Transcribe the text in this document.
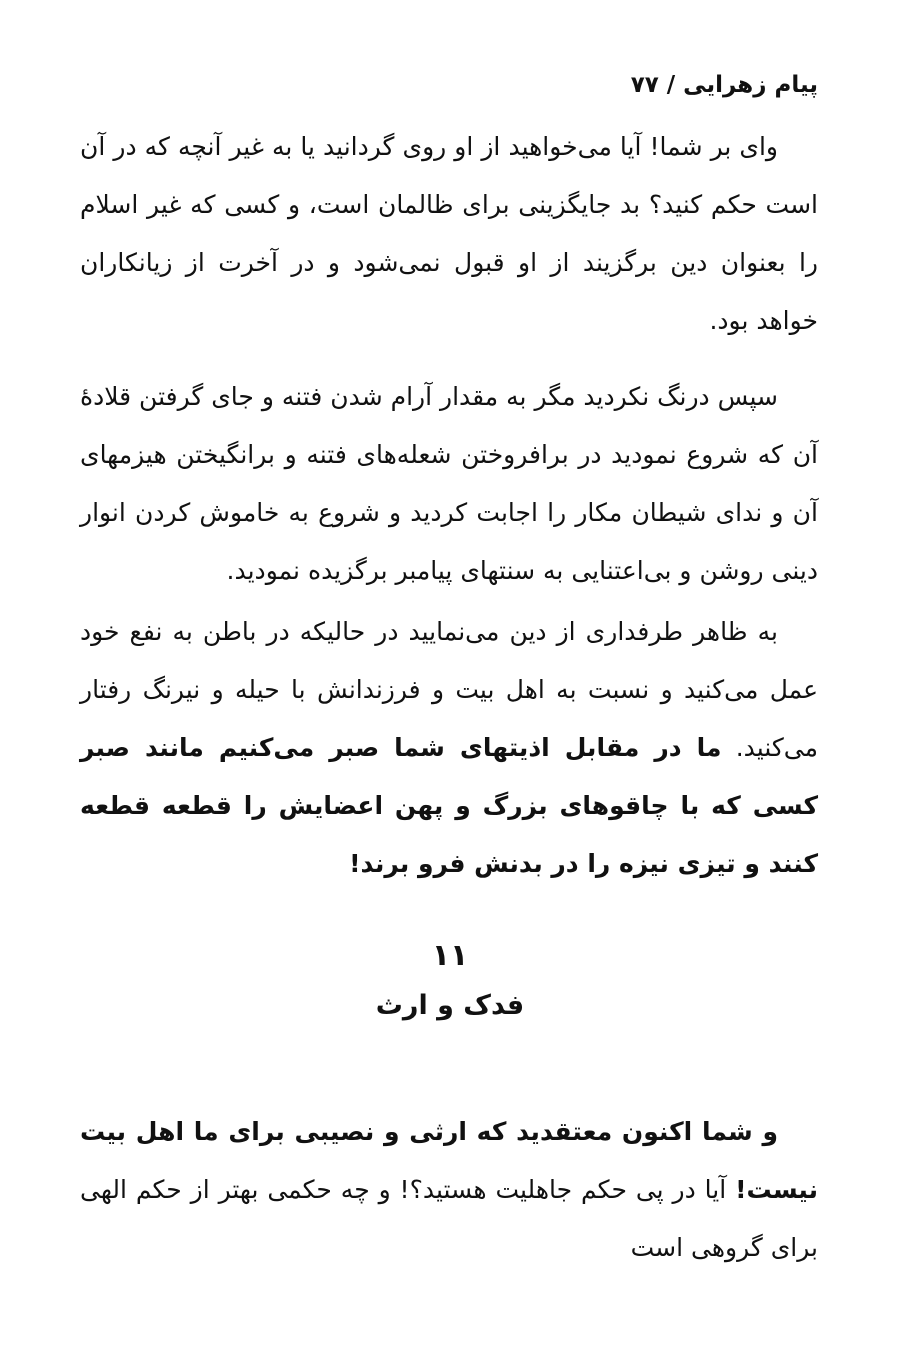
پیام زهرایی / ۷۷

وای بر شما! آیا می‌خواهید از او روی گردانید یا به غیر آنچه که در آن است حکم کنید؟ بد جایگزینی برای ظالمان است، و کسی که غیر اسلام را بعنوان دین برگزیند از او قبول نمی‌شود و در آخرت از زیانکاران خواهد بود.

سپس درنگ نکردید مگر به مقدار آرام شدن فتنه و جای گرفتن قلادهٔ آن که شروع نمودید در برافروختن شعله‌های فتنه و برانگیختن هیزمهای آن و ندای شیطان مکار را اجابت کردید و شروع به خاموش کردن انوار دینی روشن و بی‌اعتنایی به سنتهای پیامبر برگزیده نمودید.

به ظاهر طرفداری از دین می‌نمایید در حالیکه در باطن به نفع خود عمل می‌کنید و نسبت به اهل بیت و فرزندانش با حیله و نیرنگ رفتار می‌کنید. ما در مقابل اذیتهای شما صبر می‌کنیم مانند صبر کسی که با چاقوهای بزرگ و پهن اعضایش را قطعه قطعه کنند و تیزی نیزه را در بدنش فرو برند!

۱۱
فدک و ارث

و شما اکنون معتقدید که ارثی و نصیبی برای ما اهل بیت نیست! آیا در پی حکم جاهلیت هستید؟! و چه حکمی بهتر از حکم الهی برای گروهی است
